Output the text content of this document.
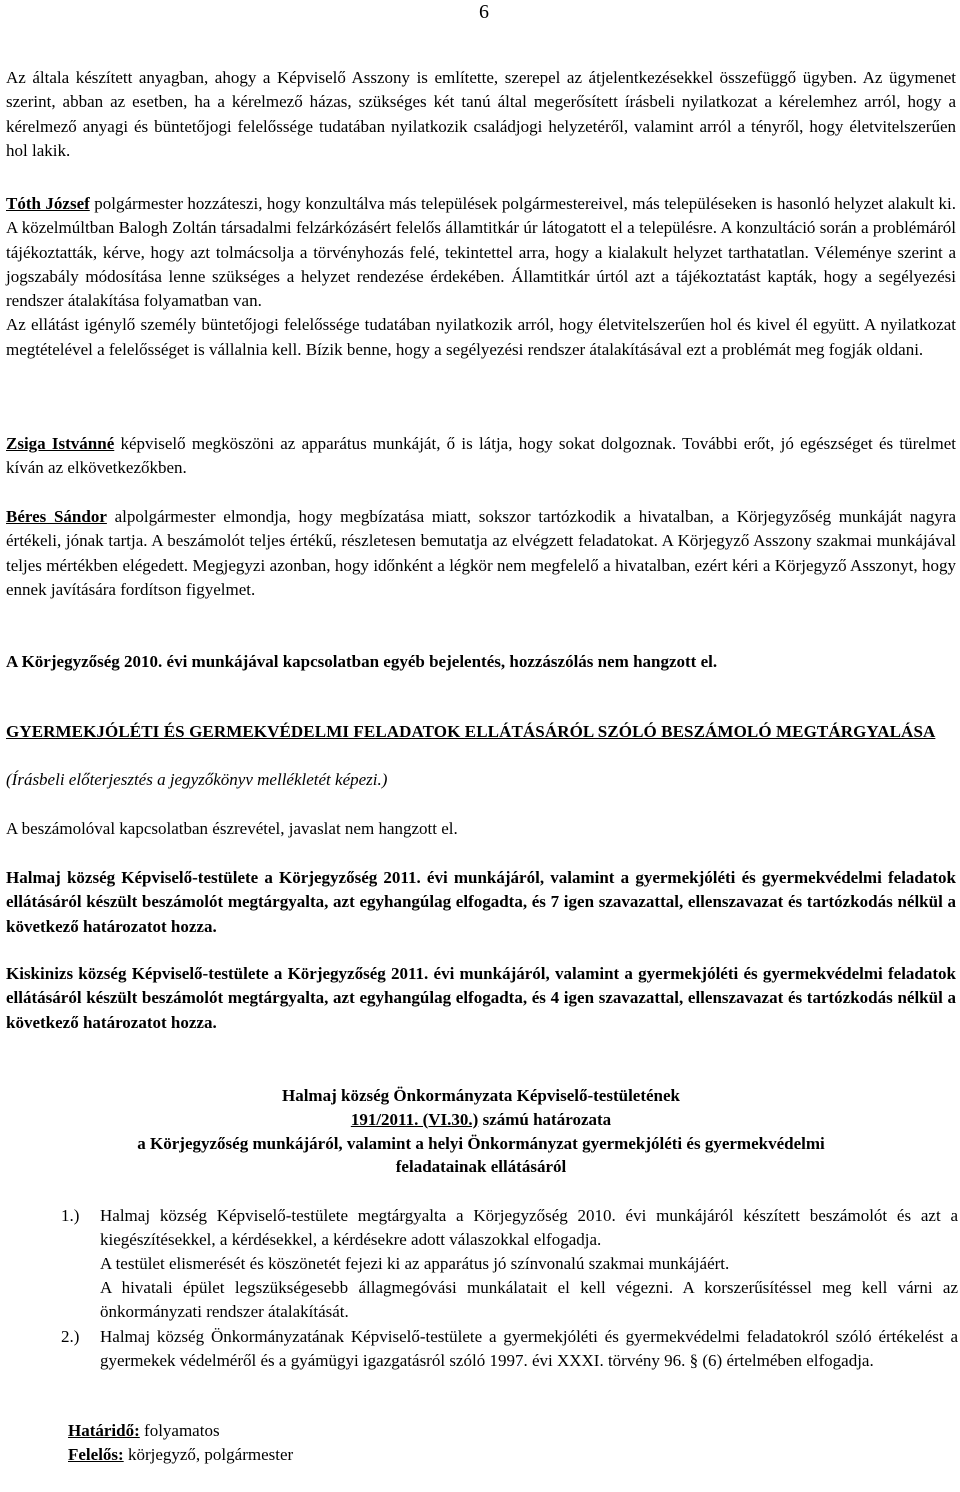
6
Az általa készített anyagban, ahogy a Képviselő Asszony is említette, szerepel az átjelentkezésekkel összefüggő ügyben. Az ügymenet szerint, abban az esetben, ha a kérelmező házas, szükséges két tanú által megerősített írásbeli nyilatkozat a kérelemhez arról, hogy a kérelmező anyagi és büntetőjogi felelőssége tudatában nyilatkozik családjogi helyzetéről, valamint arról a tényről, hogy életvitelszerűen hol lakik.
Tóth József polgármester hozzáteszi, hogy konzultálva más települések polgármestereivel, más településeken is hasonló helyzet alakult ki. A közelmúltban Balogh Zoltán társadalmi felzárkózásért felelős államtitkár úr látogatott el a településre. A konzultáció során a problémáról tájékoztatták, kérve, hogy azt tolmácsolja a törvényhozás felé, tekintettel arra, hogy a kialakult helyzet tarthatatlan. Véleménye szerint a jogszabály módosítása lenne szükséges a helyzet rendezése érdekében. Államtitkár úrtól azt a tájékoztatást kapták, hogy a segélyezési rendszer átalakítása folyamatban van.
Az ellátást igénylő személy büntetőjogi felelőssége tudatában nyilatkozik arról, hogy életvitelszerűen hol és kivel él együtt. A nyilatkozat megtételével a felelősséget is vállalnia kell. Bízik benne, hogy a segélyezési rendszer átalakításával ezt a problémát meg fogják oldani.
Zsiga Istvánné képviselő megköszöni az apparátus munkáját, ő is látja, hogy sokat dolgoznak. További erőt, jó egészséget és türelmet kíván az elkövetkezőkben.
Béres Sándor alpolgármester elmondja, hogy megbízatása miatt, sokszor tartózkodik a hivatalban, a Körjegyzőség munkáját nagyra értékeli, jónak tartja. A beszámolót teljes értékű, részletesen bemutatja az elvégzett feladatokat. A Körjegyző Asszony szakmai munkájával teljes mértékben elégedett. Megjegyzi azonban, hogy időnként a légkör nem megfelelő a hivatalban, ezért kéri a Körjegyző Asszonyt, hogy ennek javítására fordítson figyelmet.
A Körjegyzőség 2010. évi munkájával kapcsolatban egyéb bejelentés, hozzászólás nem hangzott el.
GYERMEKJÓLÉTI ÉS GERMEKVÉDELMI FELADATOK ELLÁTÁSÁRÓL SZÓLÓ BESZÁMOLÓ MEGTÁRGYALÁSA
(Írásbeli előterjesztés a jegyzőkönyv mellékletét képezi.)
A beszámolóval kapcsolatban észrevétel, javaslat nem hangzott el.
Halmaj község Képviselő-testülete a Körjegyzőség 2011. évi munkájáról, valamint a gyermekjóléti és gyermekvédelmi feladatok ellátásáról készült beszámolót megtárgyalta, azt egyhangúlag elfogadta, és 7 igen szavazattal, ellenszavazat és tartózkodás nélkül a következő határozatot hozza.
Kiskinizs község Képviselő-testülete a Körjegyzőség 2011. évi munkájáról, valamint a gyermekjóléti és gyermekvédelmi feladatok ellátásáról készült beszámolót megtárgyalta, azt egyhangúlag elfogadta, és 4 igen szavazattal, ellenszavazat és tartózkodás nélkül a következő határozatot hozza.
Halmaj község Önkormányzata Képviselő-testületének
191/2011. (VI.30.) számú határozata
a Körjegyzőség munkájáról, valamint a helyi Önkormányzat gyermekjóléti és gyermekvédelmi
feladatainak ellátásáról
1.) Halmaj község Képviselő-testülete megtárgyalta a Körjegyzőség 2010. évi munkájáról készített beszámolót és azt a kiegészítésekkel, a kérdésekkel, a kérdésekre adott válaszokkal elfogadja.
A testület elismerését és köszönetét fejezi ki az apparátus jó színvonalú szakmai munkájáért.
A hivatali épület legszükségesebb állagmegóvási munkálatait el kell végezni. A korszerűsítéssel meg kell várni az önkormányzati rendszer átalakítását.
2.) Halmaj község Önkormányzatának Képviselő-testülete a gyermekjóléti és gyermekvédelmi feladatokról szóló értékelést a gyermekek védelméről és a gyámügyi igazgatásról szóló 1997. évi XXXI. törvény 96. § (6) értelmében elfogadja.
Határidő: folyamatos
Felelős: körjegyző, polgármester
